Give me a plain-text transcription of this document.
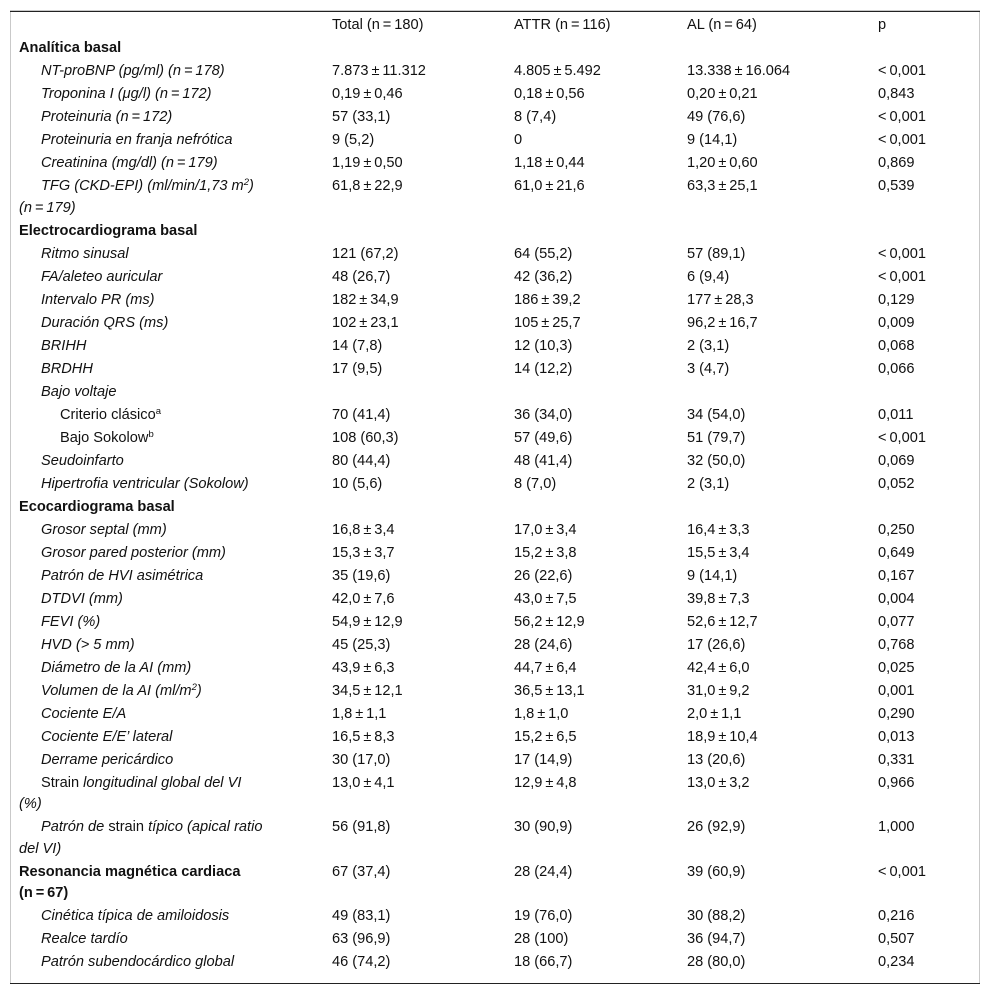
	Total (n = 180)	ATTR (n = 116)	AL (n = 64)	p
Analítica basal				
NT-proBNP (pg/ml) (n = 178)	7.873 ± 11.312	4.805 ± 5.492	13.338 ± 16.064	< 0,001
Troponina I (μg/l) (n = 172)	0,19 ± 0,46	0,18 ± 0,56	0,20 ± 0,21	0,843
Proteinuria (n = 172)	57 (33,1)	8 (7,4)	49 (76,6)	< 0,001
Proteinuria en franja nefrótica	9 (5,2)	0	9 (14,1)	< 0,001
Creatinina (mg/dl) (n = 179)	1,19 ± 0,50	1,18 ± 0,44	1,20 ± 0,60	0,869
TFG (CKD-EPI) (ml/min/1,73 $m^2$)
(n = 179)	61,8 ± 22,9	61,0 ± 21,6	63,3 ± 25,1	0,539
Electrocardiograma basal				
Ritmo sinusal	121 (67,2)	64 (55,2)	57 (89,1)	< 0,001
FA/aleteo auricular	48 (26,7)	42 (36,2)	6 (9,4)	< 0,001
Intervalo PR (ms)	182 ± 34,9	186 ± 39,2	177 ± 28,3	0,129
Duración QRS (ms)	102 ± 23,1	105 ± 25,7	96,2 ± 16,7	0,009
BRIHH	14 (7,8)	12 (10,3)	2 (3,1)	0,068
BRDHH	17 (9,5)	14 (12,2)	3 (4,7)	0,066
Bajo voltaje				
Criterio clásico$^a$	70 (41,4)	36 (34,0)	34 (54,0)	0,011
Bajo Sokolow$^b$	108 (60,3)	57 (49,6)	51 (79,7)	< 0,001
Seudoinfarto	80 (44,4)	48 (41,4)	32 (50,0)	0,069
Hipertrofia ventricular (Sokolow)	10 (5,6)	8 (7,0)	2 (3,1)	0,052
Ecocardiograma basal				
Grosor septal (mm)	16,8 ± 3,4	17,0 ± 3,4	16,4 ± 3,3	0,250
Grosor pared posterior (mm)	15,3 ± 3,7	15,2 ± 3,8	15,5 ± 3,4	0,649
Patrón de HVI asimétrica	35 (19,6)	26 (22,6)	9 (14,1)	0,167
DTDVI (mm)	42,0 ± 7,6	43,0 ± 7,5	39,8 ± 7,3	0,004
FEVI (%)	54,9 ± 12,9	56,2 ± 12,9	52,6 ± 12,7	0,077
HVD (> 5 mm)	45 (25,3)	28 (24,6)	17 (26,6)	0,768
Diámetro de la AI (mm)	43,9 ± 6,3	44,7 ± 6,4	42,4 ± 6,0	0,025
Volumen de la AI $(ml/m^2)$	34,5 ± 12,1	36,5 ± 13,1	31,0 ± 9,2	0,001
Cociente E/A	1,8 ± 1,1	1,8 ± 1,0	2,0 ± 1,1	0,290
Cociente E/E’ lateral	16,5 ± 8,3	15,2 ± 6,5	18,9 ± 10,4	0,013
Derrame pericárdico	30 (17,0)	17 (14,9)	13 (20,6)	0,331
Strain longitudinal global del VI
(%)	13,0 ± 4,1	12,9 ± 4,8	13,0 ± 3,2	0,966
Patrón de strain típico (apical ratio
del VI)	56 (91,8)	30 (90,9)	26 (92,9)	1,000
Resonancia magnética cardiaca
(n = 67)	67 (37,4)	28 (24,4)	39 (60,9)	< 0,001
Cinética típica de amiloidosis	49 (83,1)	19 (76,0)	30 (88,2)	0,216
Realce tardío	63 (96,9)	28 (100)	36 (94,7)	0,507
Patrón subendocárdico global	46 (74,2)	18 (66,7)	28 (80,0)	0,234
